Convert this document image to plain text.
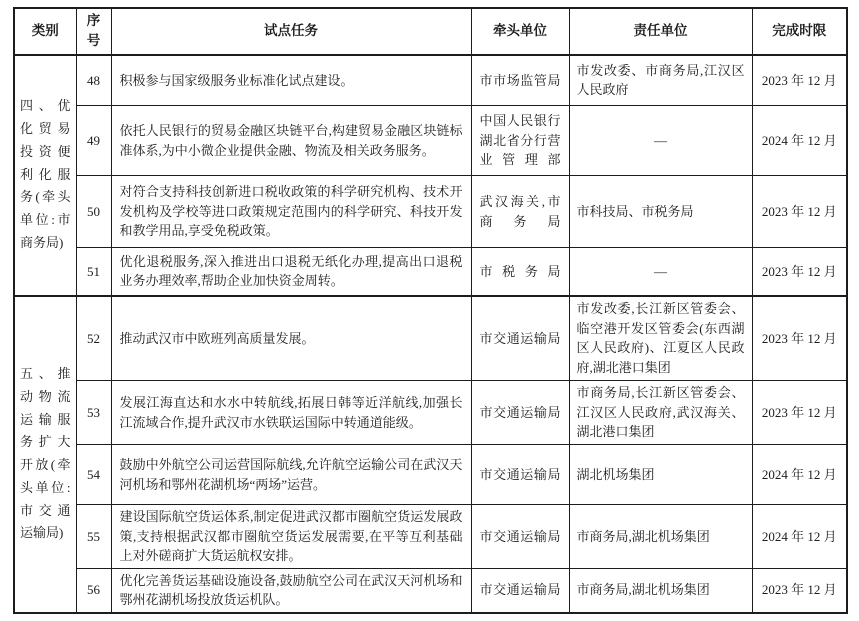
类别	序号	试点任务	牵头单位	责任单位	完成时限
四、优化贸易投资便利化服务(牵头单位:市商务局)	48	积极参与国家级服务业标准化试点建设。	市市场监管局	市发改委、市商务局,江汉区人民政府	2023 年 12 月
	49	依托人民银行的贸易金融区块链平台,构建贸易金融区块链标准体系,为中小微企业提供金融、物流及相关政务服务。	中国人民银行湖北省分行营业管理部	—	2024 年 12 月
	50	对符合支持科技创新进口税收政策的科学研究机构、技术开发机构及学校等进口政策规定范围内的科学研究、科技开发和教学用品,享受免税政策。	武汉海关,市商务局	市科技局、市税务局	2023 年 12 月
	51	优化退税服务,深入推进出口退税无纸化办理,提高出口退税业务办理效率,帮助企业加快资金周转。	市税务局	—	2023 年 12 月
五、推动物流运输服务扩大开放(牵头单位:市交通运输局)	52	推动武汉市中欧班列高质量发展。	市交通运输局	市发改委,长江新区管委会、临空港开发区管委会(东西湖区人民政府)、江夏区人民政府,湖北港口集团	2023 年 12 月
	53	发展江海直达和水水中转航线,拓展日韩等近洋航线,加强长江流域合作,提升武汉市水铁联运国际中转通道能级。	市交通运输局	市商务局,长江新区管委会、江汉区人民政府,武汉海关、湖北港口集团	2023 年 12 月
	54	鼓励中外航空公司运营国际航线,允许航空运输公司在武汉天河机场和鄂州花湖机场“两场”运营。	市交通运输局	湖北机场集团	2024 年 12 月
	55	建设国际航空货运体系,制定促进武汉都市圈航空货运发展政策,支持根据武汉都市圈航空货运发展需要,在平等互利基础上对外磋商扩大货运航权安排。	市交通运输局	市商务局,湖北机场集团	2024 年 12 月
	56	优化完善货运基础设施设备,鼓励航空公司在武汉天河机场和鄂州花湖机场投放货运机队。	市交通运输局	市商务局,湖北机场集团	2023 年 12 月
